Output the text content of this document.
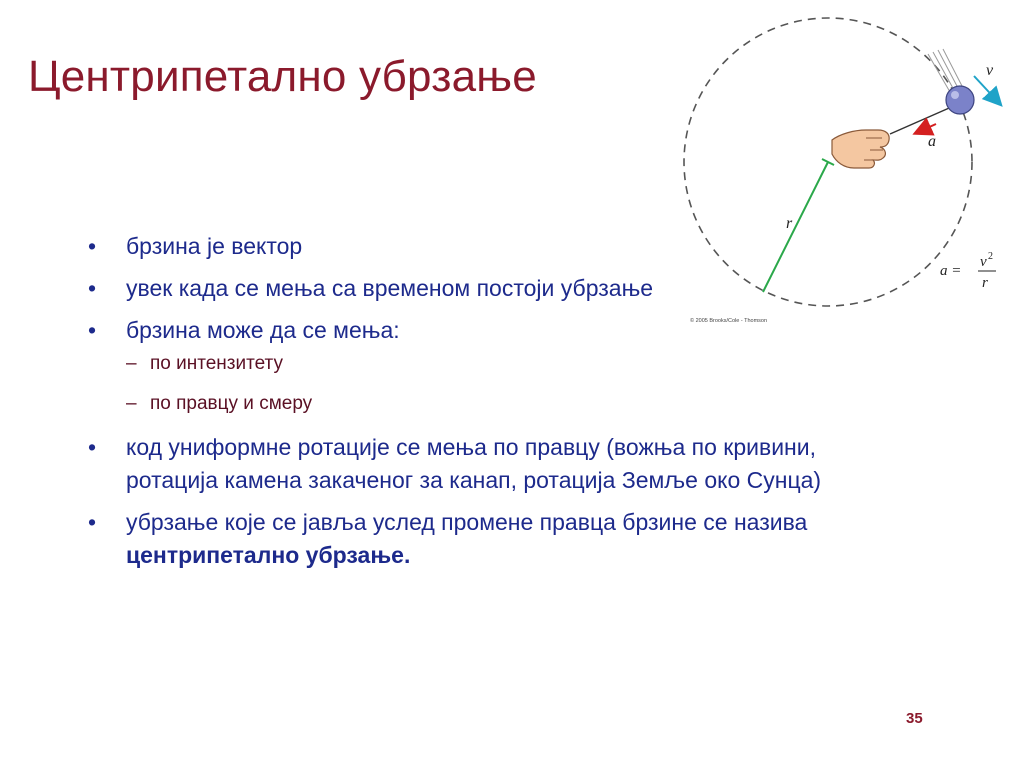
Центрипетално убрзање
r
a
v
a =
v 2
r
© 2005 Brooks/Cole - Thomson
• брзина је вектор
• увек када се мења са временом постоји убрзање
• брзина може да се мења:
– по интензитету
– по правцу и смеру
• код униформне ротације се мења по правцу (вожња по кривини, ротација камена закаченог за канап, ротација Земље око Сунца)
• убрзање које се јавља услед промене правца брзине се назива центрипетално убрзање.
35
